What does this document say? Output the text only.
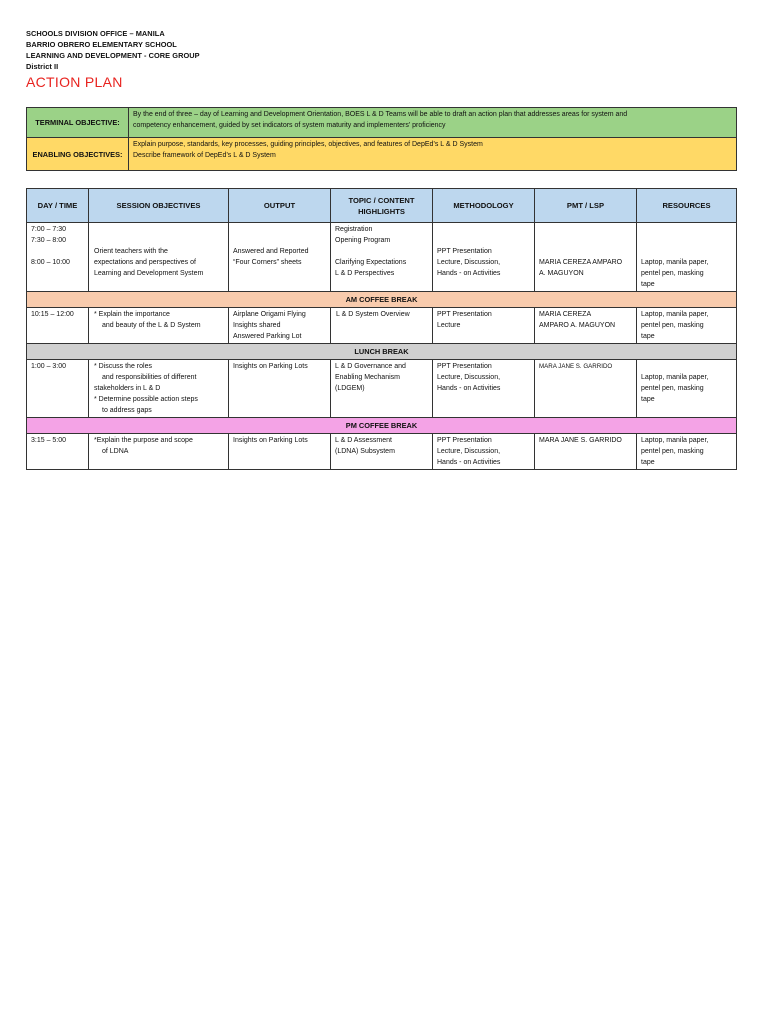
SCHOOLS DIVISION OFFICE – MANILA
BARRIO OBRERO ELEMENTARY SCHOOL
LEARNING AND DEVELOPMENT - CORE GROUP
District II
ACTION PLAN
TERMINAL OBJECTIVE:	By the end of three – day of Learning and Development Orientation, BOES L & D Teams will be able to draft an action plan that addresses areas for system and
competency enhancement, guided by set indicators of system maturity and implementers’ proficiency

ENABLING OBJECTIVES:	Explain purpose, standards, key processes, guiding principles, objectives, and features of DepEd’s L & D System
Describe framework of DepEd’s L & D System
DAY / TIME	SESSION OBJECTIVES	OUTPUT	TOPIC / CONTENT HIGHLIGHTS	METHODOLOGY	PMT / LSP	RESOURCES

7:00 – 7:30
7:30 – 8:00
8:00 – 10:00	Orient teachers with the
expectations and perspectives of
Learning and Development System	Answered and Reported
“Four Corners” sheets	Registration
Opening Program
Clarifying Expectations
L & D Perspectives	PPT Presentation
Lecture, Discussion,
Hands - on Activities	MARIA CEREZA AMPARO
A. MAGUYON	Laptop, manila paper,
pentel pen, masking
tape

AM COFFEE BREAK						

10:15 – 12:00	* Explain the importance
and beauty of the L & D System	Airplane Origami Flying
Insights shared
Answered Parking Lot	L & D System Overview	PPT Presentation
Lecture	MARIA CEREZA
AMPARO A. MAGUYON	Laptop, manila paper,
pentel pen, masking
tape

LUNCH BREAK						

1:00 – 3:00	* Discuss the roles
and responsibilities of different
stakeholders in L & D
* Determine possible action steps
to address gaps	Insights on Parking Lots	L & D Governance and
Enabling Mechanism
(LDGEM)	PPT Presentation
Lecture, Discussion,
Hands - on Activities	MARA JANE S. GARRIDO	Laptop, manila paper,
pentel pen, masking
tape

PM COFFEE BREAK						

3:15 – 5:00	*Explain the purpose and scope
of LDNA	Insights on Parking Lots	L & D Assessment
(LDNA) Subsystem	PPT Presentation
Lecture, Discussion,
Hands - on Activities	MARA JANE S. GARRIDO	Laptop, manila paper,
pentel pen, masking
tape
